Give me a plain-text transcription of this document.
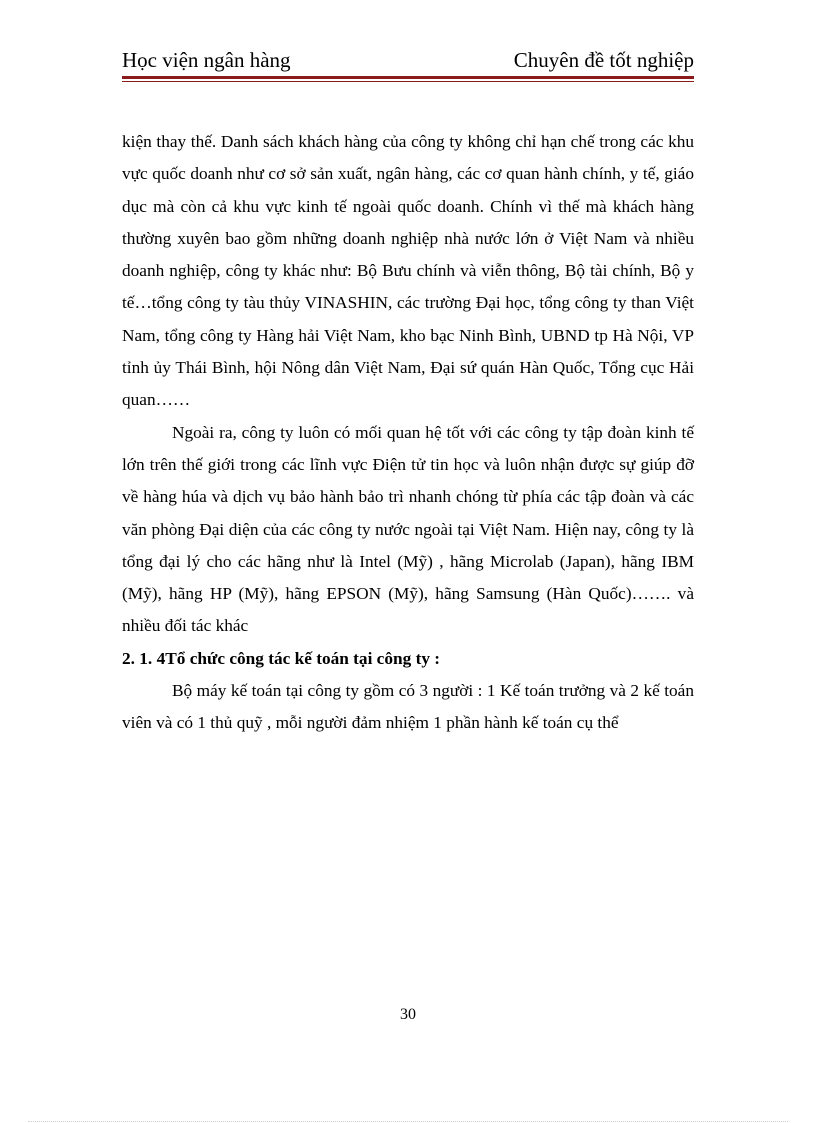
Học viện ngân hàng	Chuyên đề tốt nghiệp

kiện thay thế. Danh sách khách hàng của công ty không chỉ hạn chế trong các khu vực quốc doanh như cơ sở sản xuất, ngân hàng, các cơ quan hành chính, y tế, giáo dục mà còn cả khu vực kinh tế ngoài quốc doanh. Chính vì thế mà khách hàng thường xuyên bao gồm những doanh nghiệp nhà nước lớn ở Việt Nam và nhiều doanh nghiệp, công ty khác như: Bộ Bưu chính và viễn thông, Bộ tài chính, Bộ y tế…tổng công ty tàu thủy VINASHIN, các trường Đại học, tổng công ty than Việt Nam, tổng công ty Hàng hải Việt Nam, kho bạc Ninh Bình, UBND tp Hà Nội, VP tỉnh ủy Thái Bình, hội Nông dân Việt Nam, Đại sứ quán Hàn Quốc, Tổng cục Hải quan……

Ngoài ra, công ty luôn có mối quan hệ tốt với các công ty tập đoàn kinh tế lớn trên thế giới trong các lĩnh vực Điện tử tin học và luôn nhận được sự giúp đỡ về hàng húa và dịch vụ bảo hành bảo trì nhanh chóng từ phía các tập đoàn và các văn phòng Đại diện của các công ty nước ngoài tại Việt Nam. Hiện nay, công ty là tổng đại lý cho các hãng như là Intel (Mỹ) , hãng Microlab (Japan), hãng IBM (Mỹ), hãng HP (Mỹ), hãng EPSON (Mỹ), hãng Samsung (Hàn Quốc)……. và nhiều đối tác khác

2. 1. 4Tổ chức công tác kế toán tại công ty :

Bộ máy kế toán tại công ty gồm có 3 người : 1 Kế toán trưởng và 2 kế toán viên và có 1 thủ quỹ , mỗi người đảm nhiệm 1 phần hành kế toán cụ thể

30
